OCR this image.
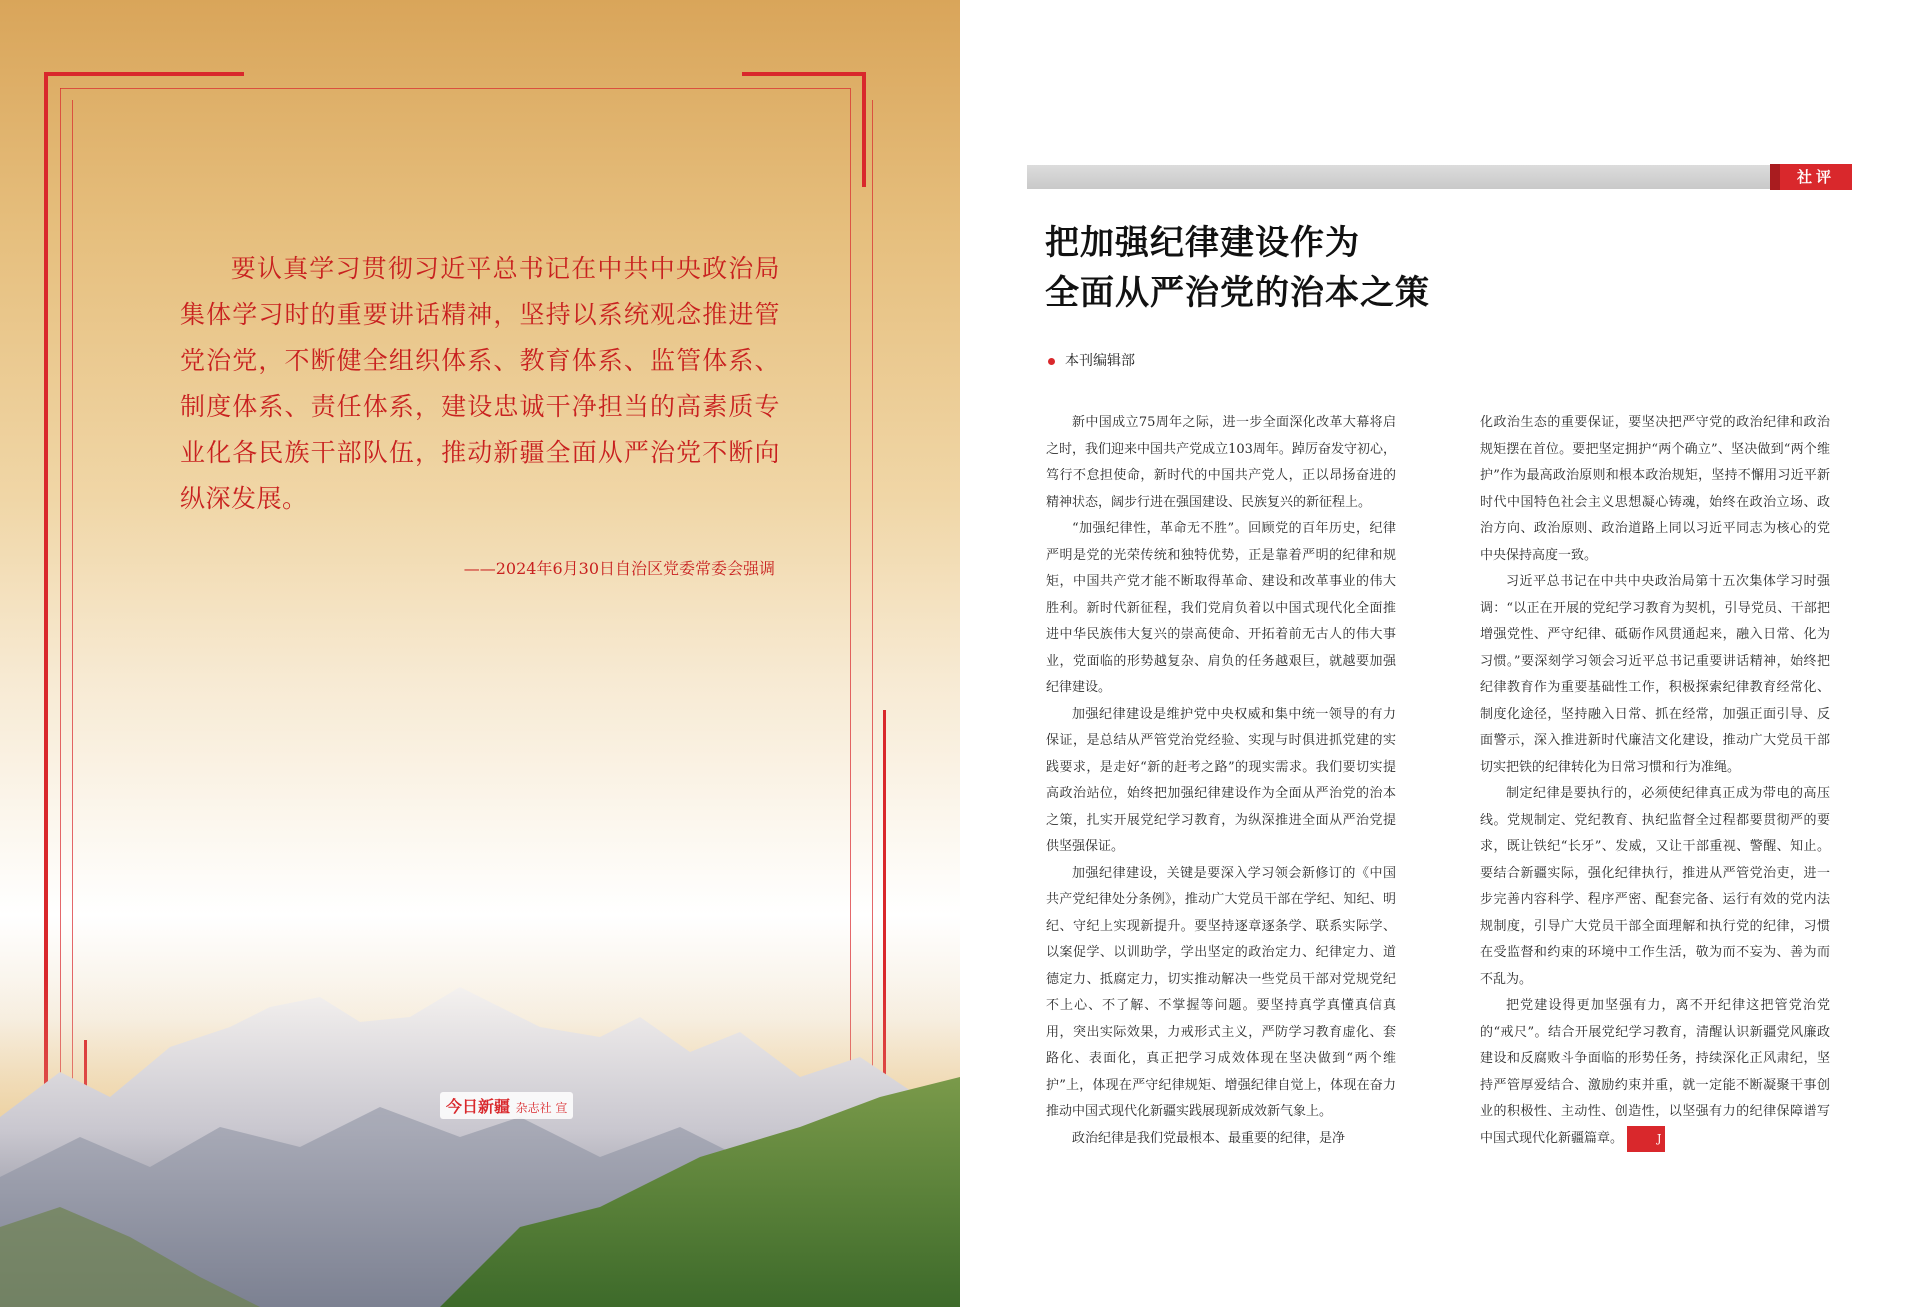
要认真学习贯彻习近平总书记在中共中央政治局集体学习时的重要讲话精神，坚持以系统观念推进管党治党，不断健全组织体系、教育体系、监管体系、制度体系、责任体系，建设忠诚干净担当的高素质专业化各民族干部队伍，推动新疆全面从严治党不断向纵深发展。
——2024年6月30日自治区党委常委会强调
今日新疆 杂志社 宣
社评
把加强纪律建设作为
全面从严治党的治本之策
本刊编辑部

新中国成立75周年之际，进一步全面深化改革大幕将启之时，我们迎来中国共产党成立103周年。踔厉奋发守初心，笃行不怠担使命，新时代的中国共产党人，正以昂扬奋进的精神状态，阔步行进在强国建设、民族复兴的新征程上。

“加强纪律性，革命无不胜”。回顾党的百年历史，纪律严明是党的光荣传统和独特优势，正是靠着严明的纪律和规矩，中国共产党才能不断取得革命、建设和改革事业的伟大胜利。新时代新征程，我们党肩负着以中国式现代化全面推进中华民族伟大复兴的崇高使命、开拓着前无古人的伟大事业，党面临的形势越复杂、肩负的任务越艰巨，就越要加强纪律建设。

加强纪律建设是维护党中央权威和集中统一领导的有力保证，是总结从严管党治党经验、实现与时俱进抓党建的实践要求，是走好“新的赶考之路”的现实需求。我们要切实提高政治站位，始终把加强纪律建设作为全面从严治党的治本之策，扎实开展党纪学习教育，为纵深推进全面从严治党提供坚强保证。

加强纪律建设，关键是要深入学习领会新修订的《中国共产党纪律处分条例》，推动广大党员干部在学纪、知纪、明纪、守纪上实现新提升。要坚持逐章逐条学、联系实际学、以案促学、以训助学，学出坚定的政治定力、纪律定力、道德定力、抵腐定力，切实推动解决一些党员干部对党规党纪不上心、不了解、不掌握等问题。要坚持真学真懂真信真用，突出实际效果，力戒形式主义，严防学习教育虚化、套路化、表面化，真正把学习成效体现在坚决做到“两个维护”上，体现在严守纪律规矩、增强纪律自觉上，体现在奋力推动中国式现代化新疆实践展现新成效新气象上。

政治纪律是我们党最根本、最重要的纪律，是净

化政治生态的重要保证，要坚决把严守党的政治纪律和政治规矩摆在首位。要把坚定拥护“两个确立”、坚决做到“两个维护”作为最高政治原则和根本政治规矩，坚持不懈用习近平新时代中国特色社会主义思想凝心铸魂，始终在政治立场、政治方向、政治原则、政治道路上同以习近平同志为核心的党中央保持高度一致。

习近平总书记在中共中央政治局第十五次集体学习时强调：“以正在开展的党纪学习教育为契机，引导党员、干部把增强党性、严守纪律、砥砺作风贯通起来，融入日常、化为习惯。”要深刻学习领会习近平总书记重要讲话精神，始终把纪律教育作为重要基础性工作，积极探索纪律教育经常化、制度化途径，坚持融入日常、抓在经常，加强正面引导、反面警示，深入推进新时代廉洁文化建设，推动广大党员干部切实把铁的纪律转化为日常习惯和行为准绳。

制定纪律是要执行的，必须使纪律真正成为带电的高压线。党规制定、党纪教育、执纪监督全过程都要贯彻严的要求，既让铁纪“长牙”、发威，又让干部重视、警醒、知止。要结合新疆实际，强化纪律执行，推进从严管党治吏，进一步完善内容科学、程序严密、配套完备、运行有效的党内法规制度，引导广大党员干部全面理解和执行党的纪律，习惯在受监督和约束的环境中工作生活，敬为而不妄为、善为而不乱为。

把党建设得更加坚强有力，离不开纪律这把管党治党的“戒尺”。结合开展党纪学习教育，清醒认识新疆党风廉政建设和反腐败斗争面临的形势任务，持续深化正风肃纪，坚持严管厚爱结合、激励约束并重，就一定能不断凝聚干事创业的积极性、主动性、创造性，以坚强有力的纪律保障谱写中国式现代化新疆篇章。	J
